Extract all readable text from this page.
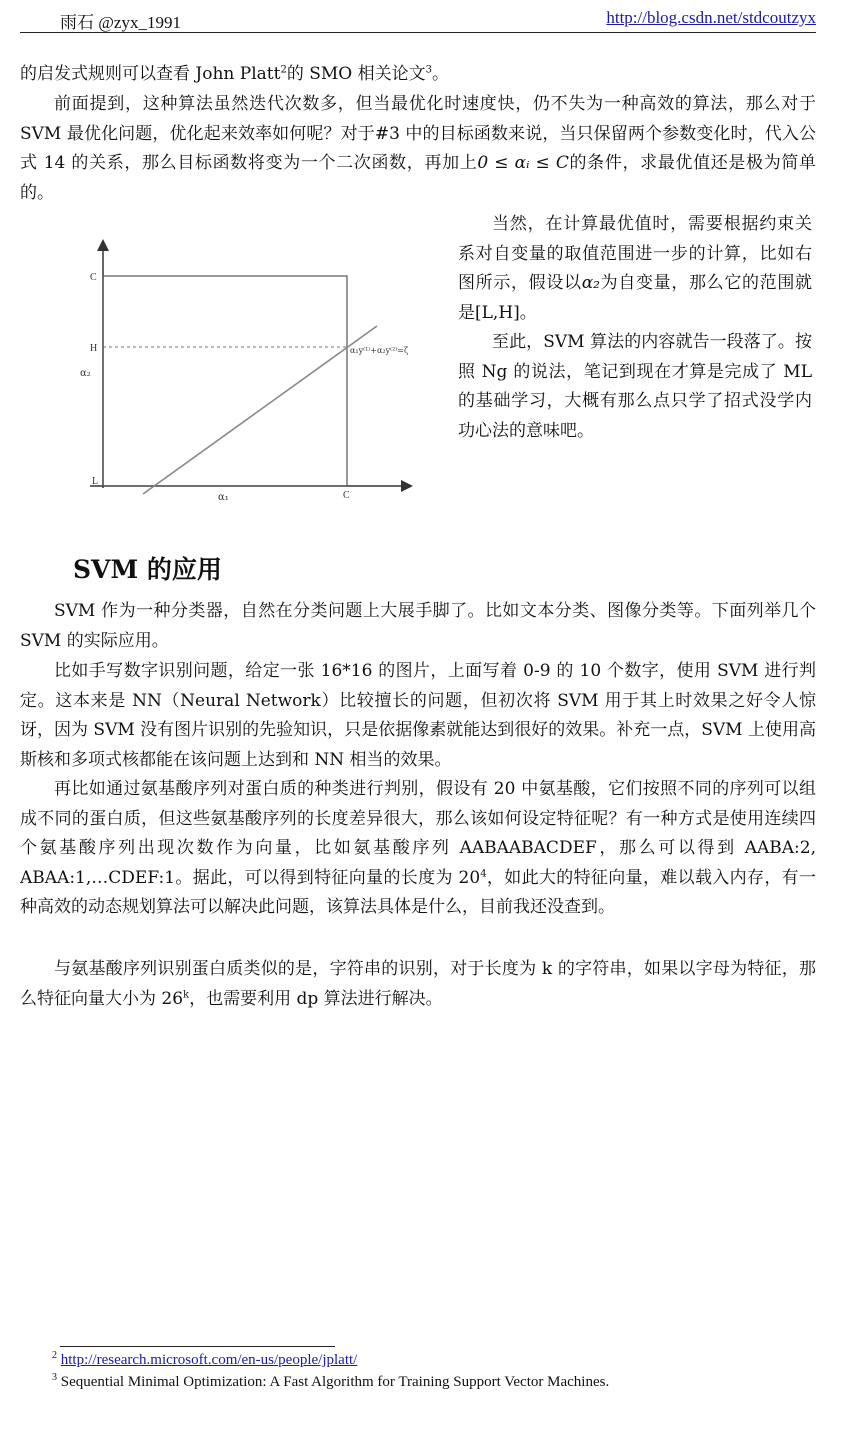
雨石 @zyx_1991	http://blog.csdn.net/stdcoutzyx

的启发式规则可以查看 John Platt$^2$的 SMO 相关论文$^3$。

前面提到，这种算法虽然迭代次数多，但当最优化时速度快，仍不失为一种高效的算法，那么对于 SVM 最优化问题，优化起来效率如何呢？对于#3 中的目标函数来说，当只保留两个参数变化时，代入公式 14 的关系，那么目标函数将变为一个二次函数，再加上0 ≤ αᵢ ≤ C的条件，求最优值还是极为简单的。

C
H
α₂
L
α₁	C
α₁y⁽¹⁾+α₂y⁽²⁾=ζ

当然，在计算最优值时，需要根据约束关系对自变量的取值范围进一步的计算，比如右图所示，假设以α₂为自变量，那么它的范围就是[L,H]。

至此，SVM 算法的内容就告一段落了。按照 Ng 的说法，笔记到现在才算是完成了 ML 的基础学习，大概有那么点只学了招式没学内功心法的意味吧。

SVM 的应用

SVM 作为一种分类器，自然在分类问题上大展手脚了。比如文本分类、图像分类等。下面列举几个 SVM 的实际应用。

比如手写数字识别问题，给定一张 16*16 的图片，上面写着 0-9 的 10 个数字，使用 SVM 进行判定。这本来是 NN（Neural Network）比较擅长的问题，但初次将 SVM 用于其上时效果之好令人惊讶，因为 SVM 没有图片识别的先验知识，只是依据像素就能达到很好的效果。补充一点，SVM 上使用高斯核和多项式核都能在该问题上达到和 NN 相当的效果。

再比如通过氨基酸序列对蛋白质的种类进行判别，假设有 20 中氨基酸，它们按照不同的序列可以组成不同的蛋白质，但这些氨基酸序列的长度差异很大，那么该如何设定特征呢？有一种方式是使用连续四个氨基酸序列出现次数作为向量，比如氨基酸序列 AABAABACDEF，那么可以得到 AABA:2, ABAA:1,…CDEF:1。据此，可以得到特征向量的长度为 $20^4$，如此大的特征向量，难以载入内存，有一种高效的动态规划算法可以解决此问题，该算法具体是什么，目前我还没查到。

与氨基酸序列识别蛋白质类似的是，字符串的识别，对于长度为 k 的字符串，如果以字母为特征，那么特征向量大小为 26$^k$，也需要利用 dp 算法进行解决。

$^2$ http://research.microsoft.com/en-us/people/jplatt/
$^3$ Sequential Minimal Optimization: A Fast Algorithm for Training Support Vector Machines.
